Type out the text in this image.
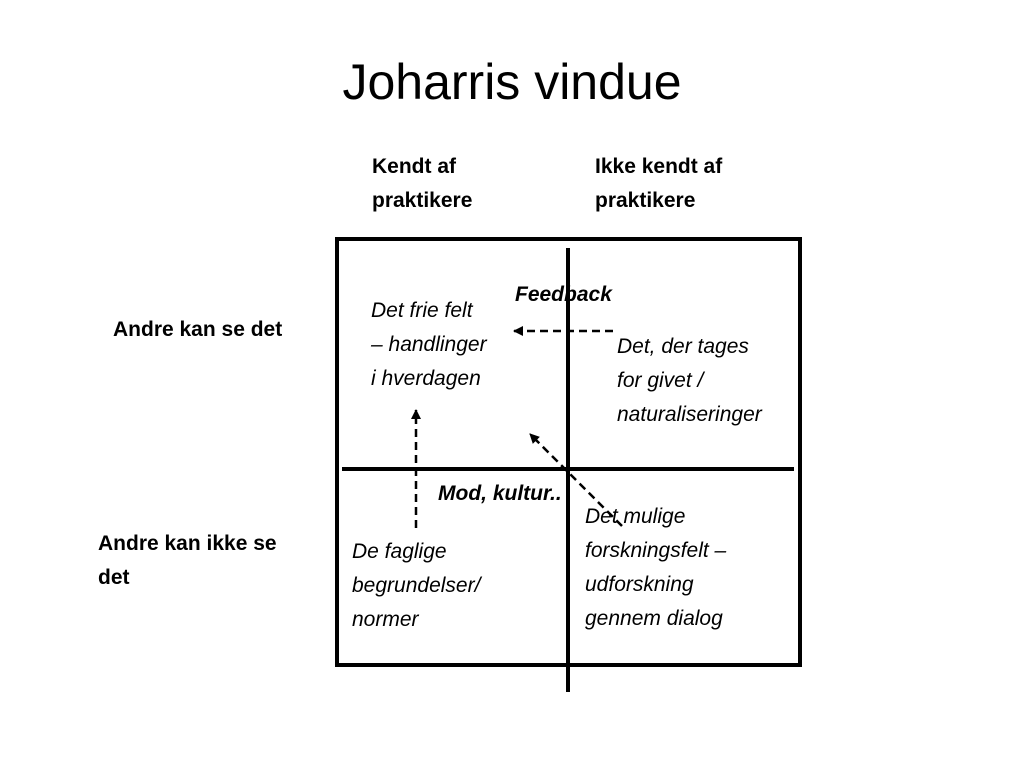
Joharris vindue
Kendt af
praktikere
Ikke kendt af
praktikere
Andre kan se det
Andre kan ikke se
det
Feedback
Mod, kultur..
Det frie felt
– handlinger
i hverdagen
Det, der tages
for givet /
naturaliseringer
De faglige
begrundelser/
normer
Det mulige
forskningsfelt –
udforskning
gennem dialog
